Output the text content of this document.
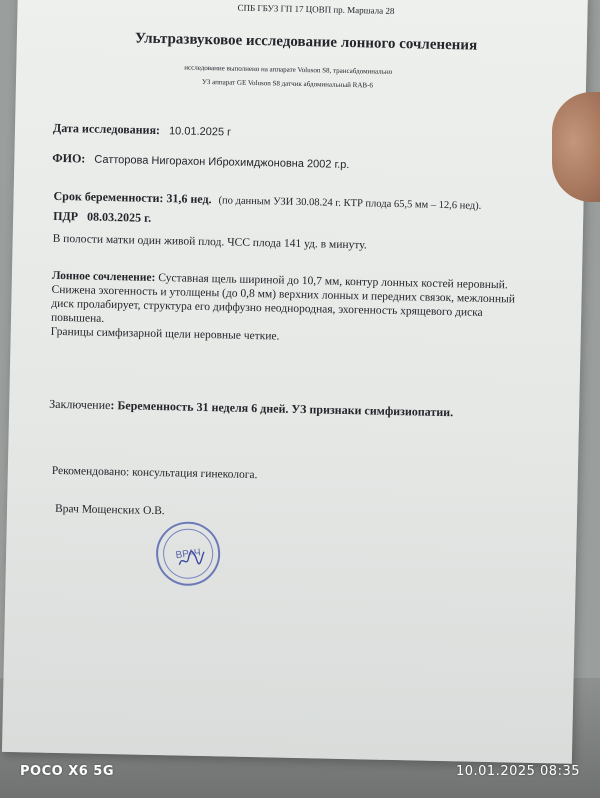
СПБ ГБУЗ ГП 17 ЦОВП пр. Маршала 28
Ультразвуковое исследование лонного сочленения
исследование выполнено на аппарате Voluson S8, трансабдоминально
УЗ аппарат GE Voluson S8 датчик абдоминальный RAB-6
Дата исследования: 10.01.2025 г
ФИО: Сатторова Нигорахон Иброхимджоновна 2002 г.р.
Срок беременности: 31,6 нед. (по данным УЗИ 30.08.24 г. КТР плода 65,5 мм – 12,6 нед).
ПДР 08.03.2025 г.
В полости матки один живой плод. ЧСС плода 141 уд. в минуту.
Лонное сочленение: Суставная щель шириной до 10,7 мм, контур лонных костей неровный. Снижена эхогенность и утолщены (до 0,8 мм) верхних лонных и передних связок, межлонный диск пролабирует, структура его диффузно неоднородная, эхогенность хрящевого диска повышена.
Границы симфизарной щели неровные четкие.
Заключение: Беременность 31 неделя 6 дней. УЗ признаки симфизиопатии.
Рекомендовано: консультация гинеколога.
Врач Мощенских О.В.
ВРАЧ
POCO X6 5G	10.01.2025 08:35
